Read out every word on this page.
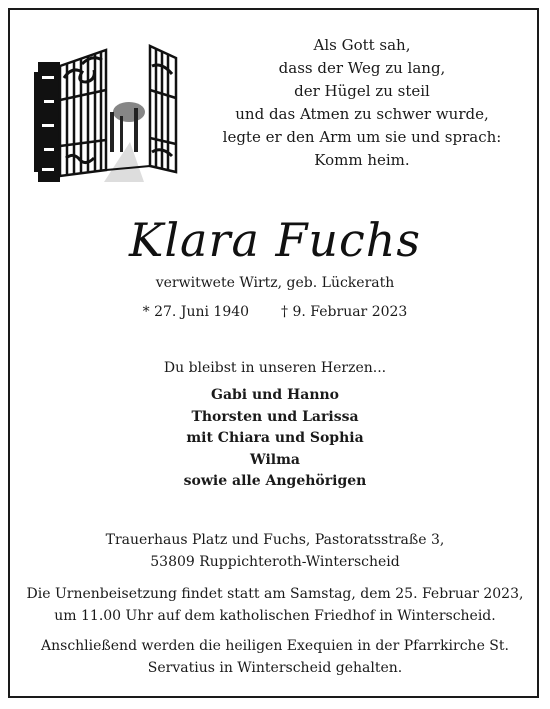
Als Gott sah,
dass der Weg zu lang,
der Hügel zu steil
und das Atmen zu schwer wurde,
legte er den Arm um sie und sprach:
Komm heim.
Klara Fuchs
verwitwete Wirtz, geb. Lückerath
* 27. Juni 1940 † 9. Februar 2023
Du bleibst in unseren Herzen...
Gabi und Hanno
Thorsten und Larissa
mit Chiara und Sophia
Wilma
sowie alle Angehörigen
Trauerhaus Platz und Fuchs, Pastoratsstraße 3,
53809 Ruppichteroth-Winterscheid
Die Urnenbeisetzung findet statt am Samstag, dem 25. Februar 2023,
um 11.00 Uhr auf dem katholischen Friedhof in Winterscheid.
Anschließend werden die heiligen Exequien in der Pfarrkirche St.
Servatius in Winterscheid gehalten.
